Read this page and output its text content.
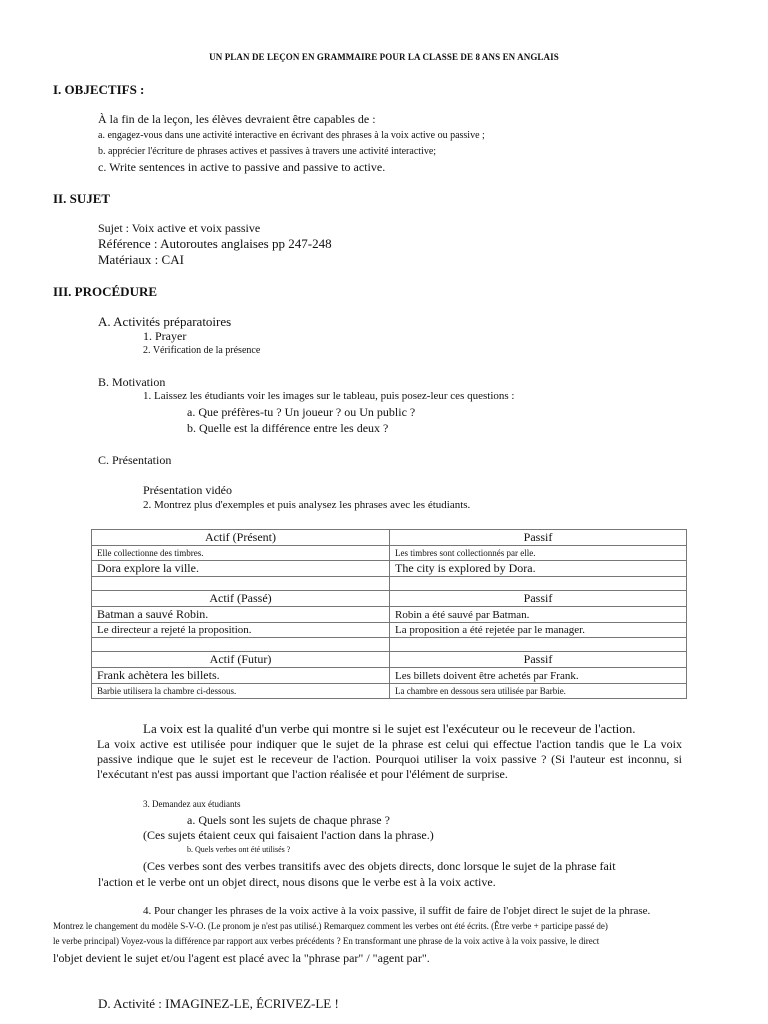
UN PLAN DE LEÇON EN GRAMMAIRE POUR LA CLASSE DE 8 ANS EN ANGLAIS
I. OBJECTIFS :
À la fin de la leçon, les élèves devraient être capables de :
a. engagez-vous dans une activité interactive en écrivant des phrases à la voix active ou passive ;
b. apprécier l'écriture de phrases actives et passives à travers une activité interactive;
c. Write sentences in active to passive and passive to active.
II. SUJET
Sujet : Voix active et voix passive
Référence : Autoroutes anglaises pp 247-248
Matériaux : CAI
III. PROCÉDURE
A. Activités préparatoires
1. Prayer
2. Vérification de la présence
B. Motivation
1. Laissez les étudiants voir les images sur le tableau, puis posez-leur ces questions :
a. Que préfères-tu ? Un joueur ? ou Un public ?
b. Quelle est la différence entre les deux ?
C. Présentation
Présentation vidéo
2. Montrez plus d'exemples et puis analysez les phrases avec les étudiants.
Actif (Présent)	Passif
Elle collectionne des timbres.	Les timbres sont collectionnés par elle.
Dora explore la ville.	The city is explored by Dora.

Actif (Passé)	Passif
Batman a sauvé Robin.	Robin a été sauvé par Batman.
Le directeur a rejeté la proposition.	La proposition a été rejetée par le manager.

Actif (Futur)	Passif
Frank achètera les billets.	Les billets doivent être achetés par Frank.
Barbie utilisera la chambre ci-dessous.	La chambre en dessous sera utilisée par Barbie.
La voix est la qualité d'un verbe qui montre si le sujet est l'exécuteur ou le receveur de l'action.
La voix active est utilisée pour indiquer que le sujet de la phrase est celui qui effectue l'action tandis que le La voix passive indique que le sujet est le receveur de l'action. Pourquoi utiliser la voix passive ? (Si l'auteur est inconnu, si l'exécutant n'est pas aussi important que l'action réalisée et pour l'élément de surprise.
3. Demandez aux étudiants
a. Quels sont les sujets de chaque phrase ?
(Ces sujets étaient ceux qui faisaient l'action dans la phrase.)
b. Quels verbes ont été utilisés ?
(Ces verbes sont des verbes transitifs avec des objets directs, donc lorsque le sujet de la phrase fait
l'action et le verbe ont un objet direct, nous disons que le verbe est à la voix active.
4. Pour changer les phrases de la voix active à la voix passive, il suffit de faire de l'objet direct le sujet de la phrase.
Montrez le changement du modèle S-V-O. (Le pronom je n'est pas utilisé.) Remarquez comment les verbes ont été écrits. (Être verbe + participe passé de)
le verbe principal) Voyez-vous la différence par rapport aux verbes précédents ? En transformant une phrase de la voix active à la voix passive, le direct
l'objet devient le sujet et/ou l'agent est placé avec la "phrase par" / "agent par".
D. Activité : IMAGINEZ-LE, ÉCRIVEZ-LE !
